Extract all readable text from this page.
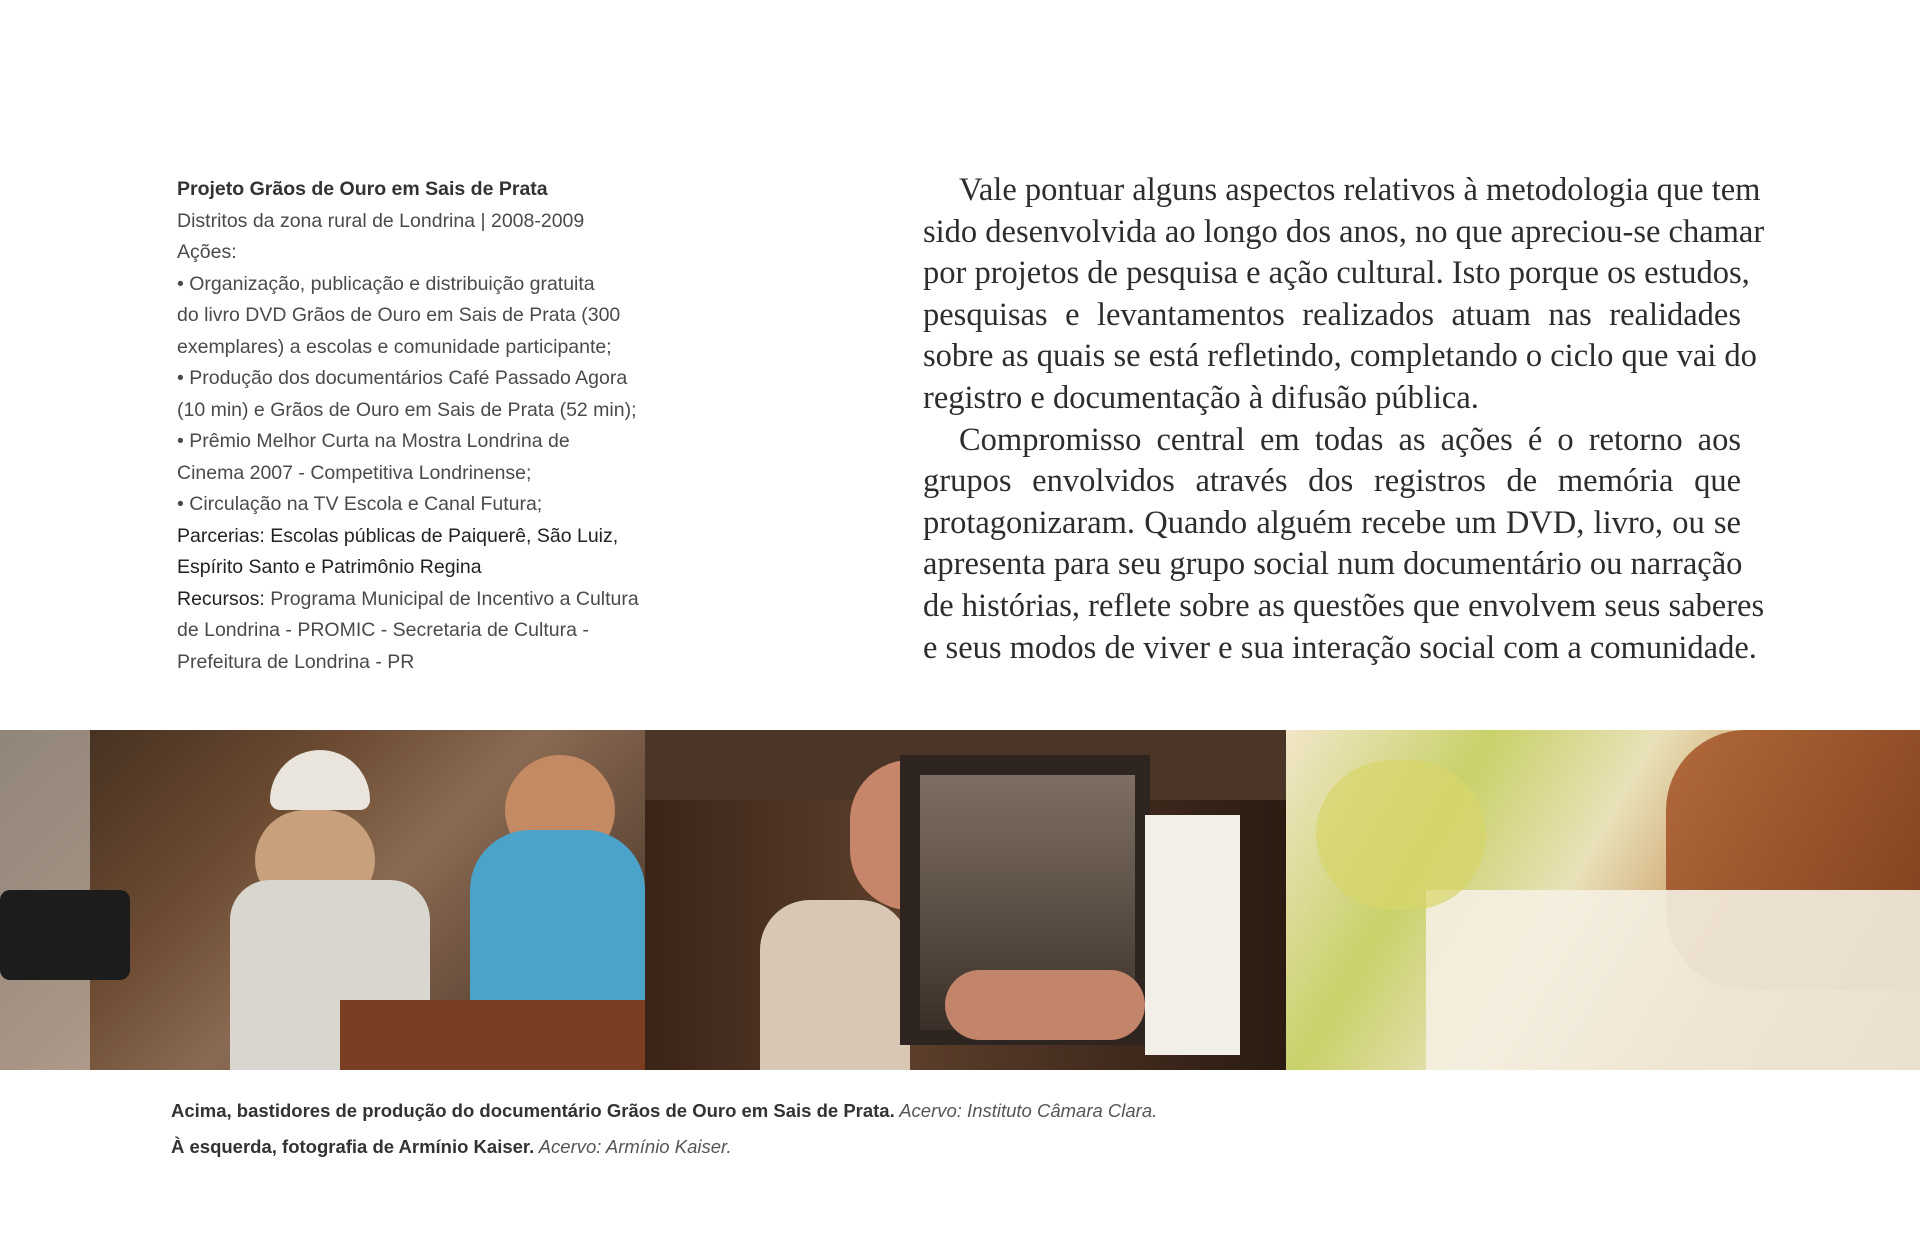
Projeto Grãos de Ouro em Sais de Prata
Distritos da zona rural de Londrina | 2008-2009
Ações:
• Organização, publicação e distribuição gratuita
do livro DVD Grãos de Ouro em Sais de Prata (300
exemplares) a escolas e comunidade participante;
• Produção dos documentários Café Passado Agora
(10 min) e Grãos de Ouro em Sais de Prata (52 min);
• Prêmio Melhor Curta na Mostra Londrina de
Cinema 2007 - Competitiva Londrinense;
• Circulação na TV Escola e Canal Futura;
Parcerias: Escolas públicas de Paiquerê, São Luiz,
Espírito Santo e Patrimônio Regina
Recursos: Programa Municipal de Incentivo a Cultura
de Londrina - PROMIC - Secretaria de Cultura -
Prefeitura de Londrina - PR
Vale pontuar alguns aspectos relativos à metodologia que tem
sido desenvolvida ao longo dos anos, no que apreciou-se chamar
por projetos de pesquisa e ação cultural. Isto porque os estudos,
pesquisas e levantamentos realizados atuam nas realidades
sobre as quais se está refletindo, completando o ciclo que vai do
registro e documentação à difusão pública.
Compromisso central em todas as ações é o retorno aos
grupos envolvidos através dos registros de memória que
protagonizaram. Quando alguém recebe um DVD, livro, ou se
apresenta para seu grupo social num documentário ou narração
de histórias, reflete sobre as questões que envolvem seus saberes
e seus modos de viver e sua interação social com a comunidade.
Acima, bastidores de produção do documentário Grãos de Ouro em Sais de Prata. Acervo: Instituto Câmara Clara.
À esquerda, fotografia de Armínio Kaiser. Acervo: Armínio Kaiser.
